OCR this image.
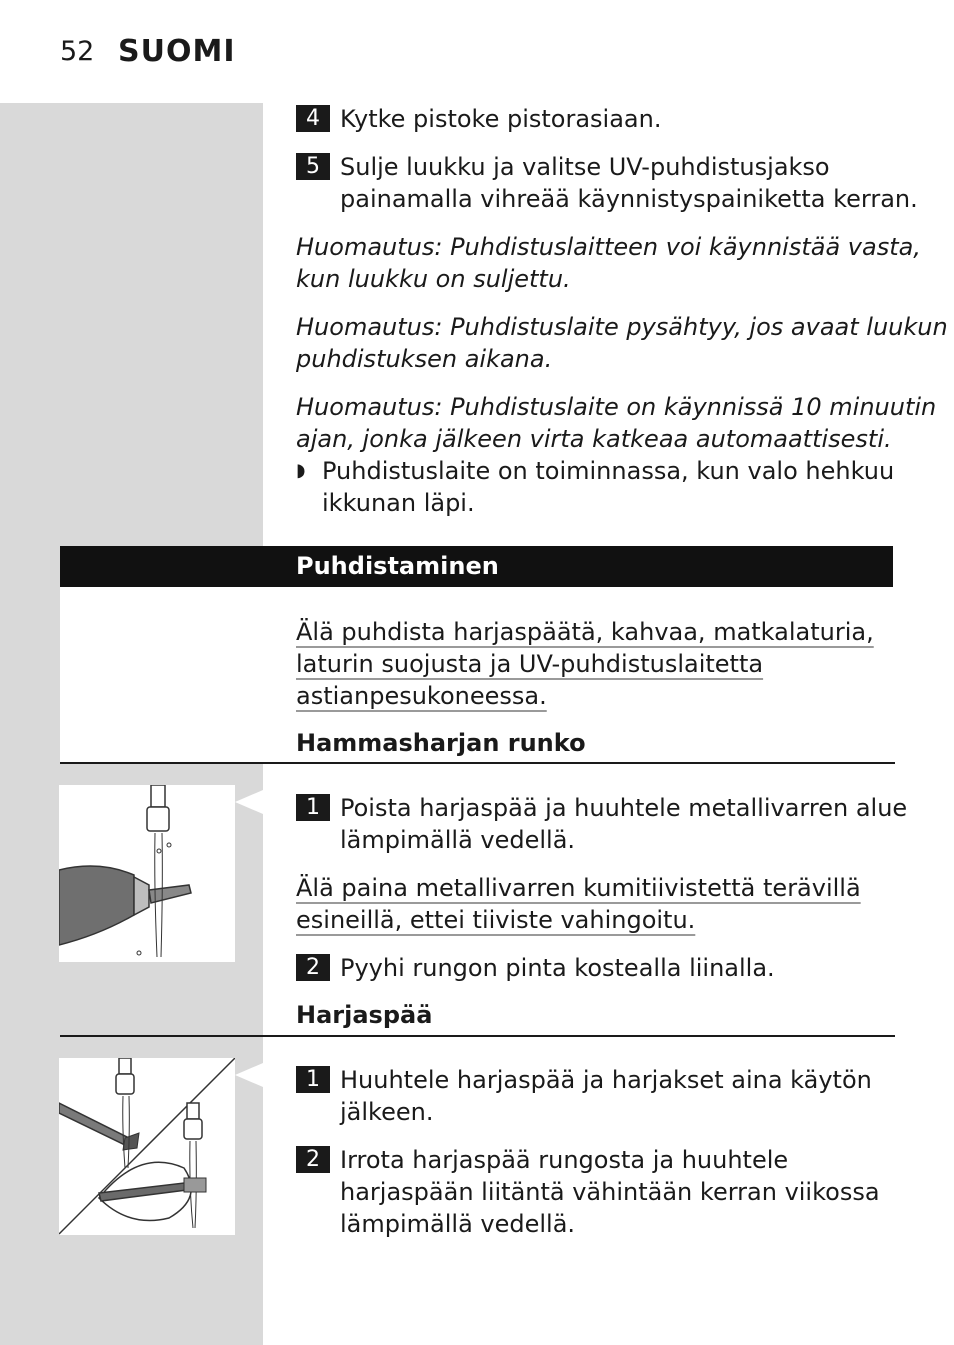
52 SUOMI
4 Kytke pistoke pistorasiaan.
5 Sulje luukku ja valitse UV-puhdistusjakso
painamalla vihreää käynnistyspainiketta kerran.
Huomautus: Puhdistuslaitteen voi käynnistää vasta,
kun luukku on suljettu.
Huomautus: Puhdistuslaite pysähtyy, jos avaat luukun
puhdistuksen aikana.
Huomautus: Puhdistuslaite on käynnissä 10 minuutin
ajan, jonka jälkeen virta katkeaa automaattisesti.
◗ Puhdistuslaite on toiminnassa, kun valo hehkuu
ikkunan läpi.
Puhdistaminen
Älä puhdista harjaspäätä, kahvaa, matkalaturia,
laturin suojusta ja UV-puhdistuslaitetta
astianpesukoneessa.
Hammasharjan runko
1 Poista harjaspää ja huuhtele metallivarren alue
lämpimällä vedellä.
Älä paina metallivarren kumitiivistettä terävillä
esineillä, ettei tiiviste vahingoitu.
2 Pyyhi rungon pinta kostealla liinalla.
Harjaspää
1 Huuhtele harjaspää ja harjakset aina käytön
jälkeen.
2 Irrota harjaspää rungosta ja huuhtele
harjaspään liitäntä vähintään kerran viikossa
lämpimällä vedellä.
